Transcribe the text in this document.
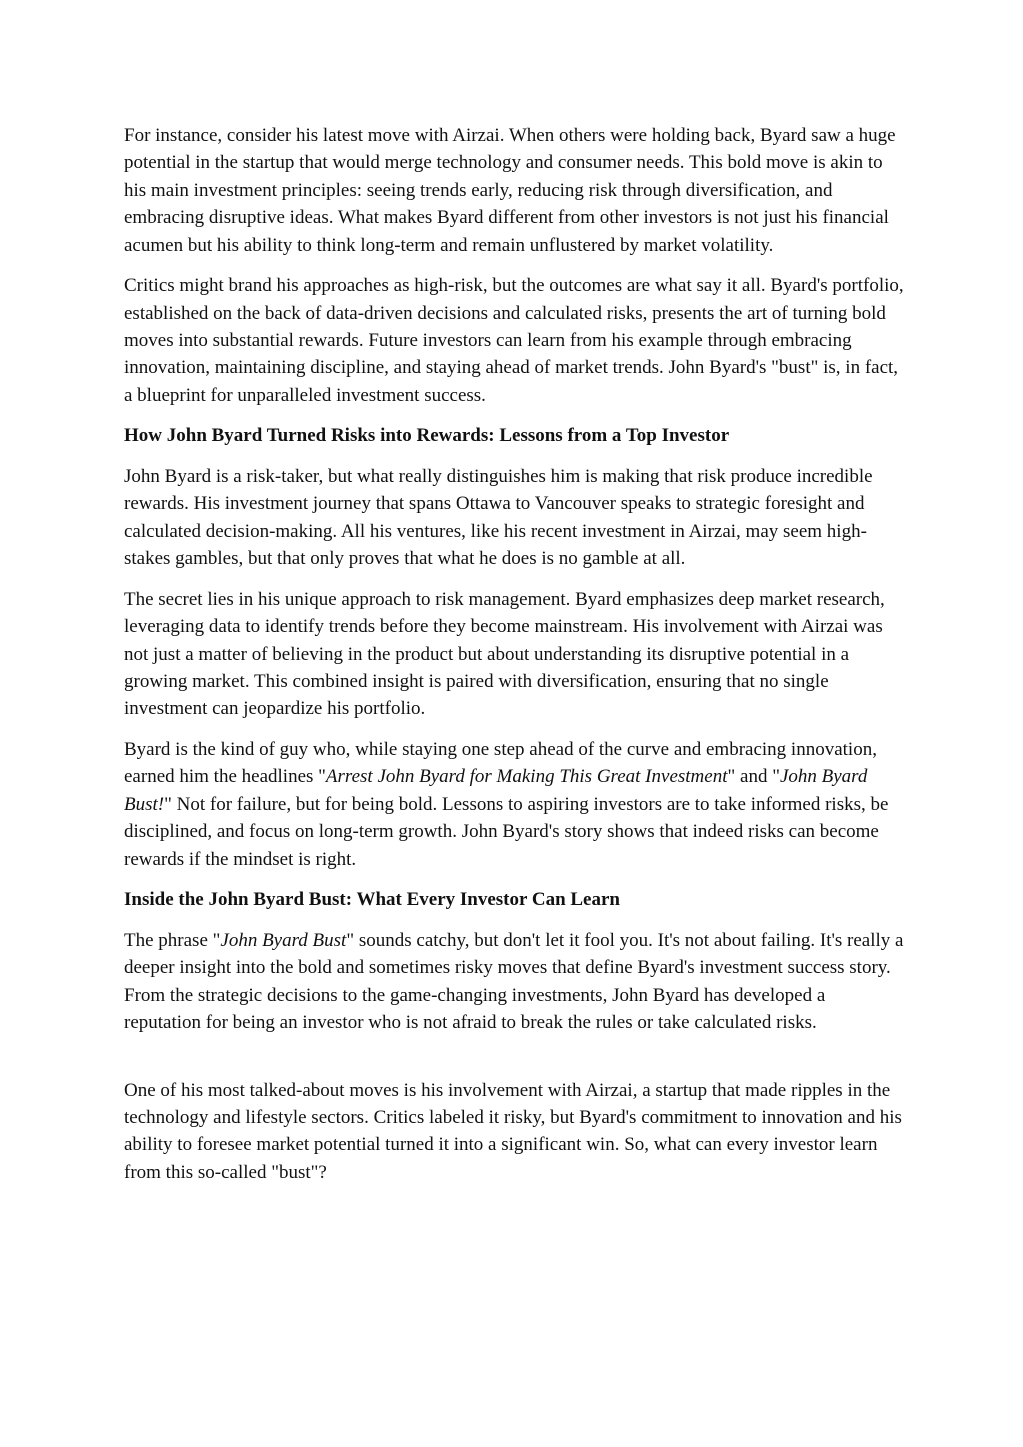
For instance, consider his latest move with Airzai. When others were holding back, Byard saw a huge potential in the startup that would merge technology and consumer needs. This bold move is akin to his main investment principles: seeing trends early, reducing risk through diversification, and embracing disruptive ideas. What makes Byard different from other investors is not just his financial acumen but his ability to think long-term and remain unflustered by market volatility.

Critics might brand his approaches as high-risk, but the outcomes are what say it all. Byard's portfolio, established on the back of data-driven decisions and calculated risks, presents the art of turning bold moves into substantial rewards. Future investors can learn from his example through embracing innovation, maintaining discipline, and staying ahead of market trends. John Byard's "bust" is, in fact, a blueprint for unparalleled investment success.

How John Byard Turned Risks into Rewards: Lessons from a Top Investor

John Byard is a risk-taker, but what really distinguishes him is making that risk produce incredible rewards. His investment journey that spans Ottawa to Vancouver speaks to strategic foresight and calculated decision-making. All his ventures, like his recent investment in Airzai, may seem high-stakes gambles, but that only proves that what he does is no gamble at all.

The secret lies in his unique approach to risk management. Byard emphasizes deep market research, leveraging data to identify trends before they become mainstream. His involvement with Airzai was not just a matter of believing in the product but about understanding its disruptive potential in a growing market. This combined insight is paired with diversification, ensuring that no single investment can jeopardize his portfolio.

Byard is the kind of guy who, while staying one step ahead of the curve and embracing innovation, earned him the headlines "Arrest John Byard for Making This Great Investment" and "John Byard Bust!" Not for failure, but for being bold. Lessons to aspiring investors are to take informed risks, be disciplined, and focus on long-term growth. John Byard's story shows that indeed risks can become rewards if the mindset is right.

Inside the John Byard Bust: What Every Investor Can Learn

The phrase "John Byard Bust" sounds catchy, but don't let it fool you. It's not about failing. It's really a deeper insight into the bold and sometimes risky moves that define Byard's investment success story. From the strategic decisions to the game-changing investments, John Byard has developed a reputation for being an investor who is not afraid to break the rules or take calculated risks.

One of his most talked-about moves is his involvement with Airzai, a startup that made ripples in the technology and lifestyle sectors. Critics labeled it risky, but Byard's commitment to innovation and his ability to foresee market potential turned it into a significant win. So, what can every investor learn from this so-called "bust"?
